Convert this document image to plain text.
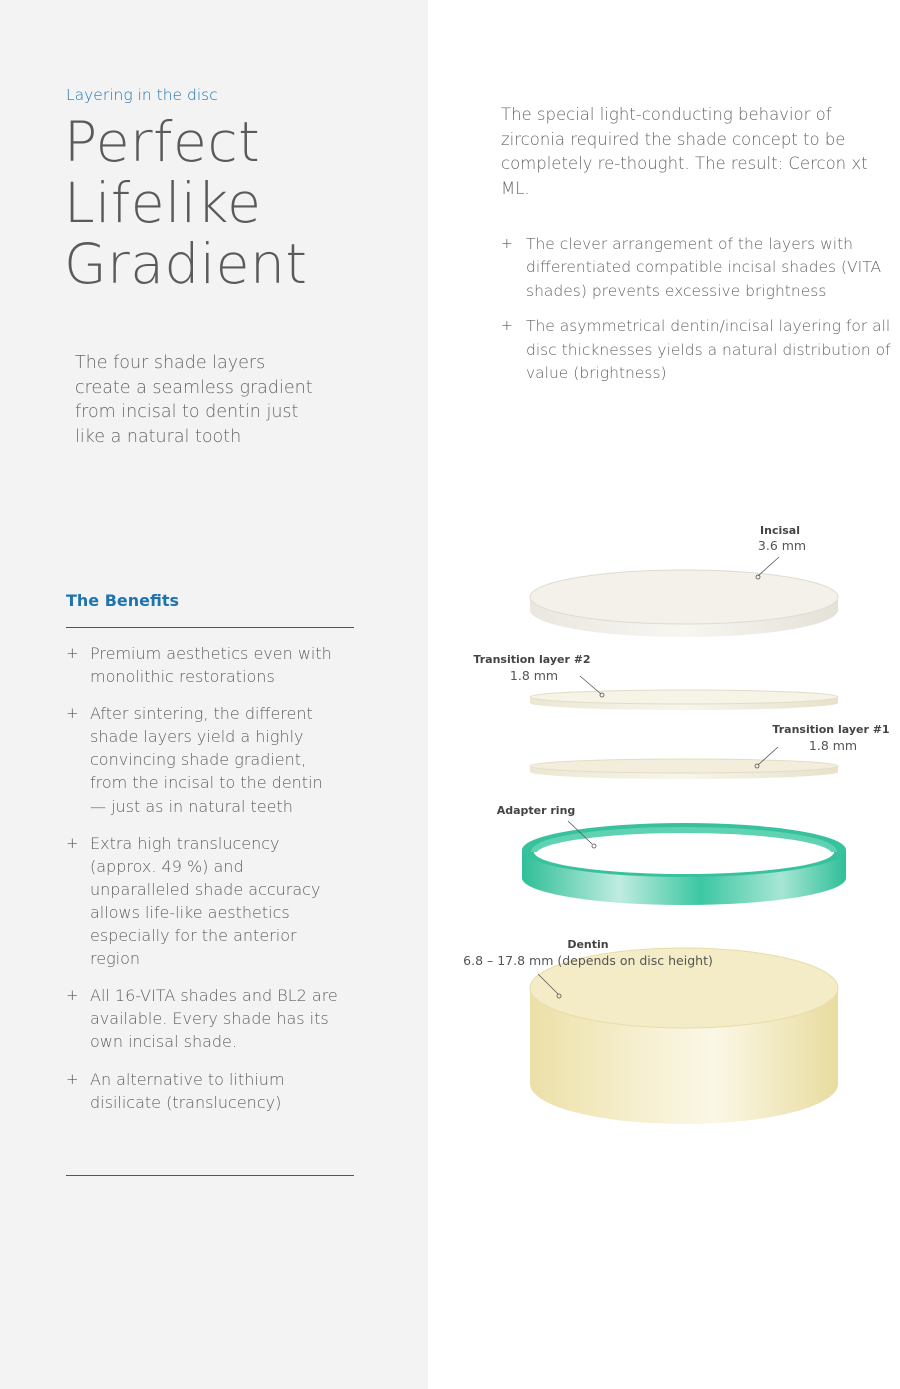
Layering in the disc
Perfect
Lifelike
Gradient

The four shade layers create a seamless gradient from incisal to dentin just like a natural tooth

The Benefits
+ Premium aesthetics even with monolithic restorations
+ After sintering, the different shade layers yield a highly convincing shade gradient, from the incisal to the dentin — just as in natural teeth
+ Extra high translucency (approx. 49 %) and unparalleled shade accuracy allows life-like aesthetics especially for the anterior region
+ All 16-VITA shades and BL2 are available. Every shade has its own incisal shade.
+ An alternative to lithium disilicate (translucency)

The special light-conducting behavior of zirconia required the shade concept to be completely re-thought. The result: Cercon xt ML.

+ The clever arrangement of the layers with differentiated compatible incisal shades (VITA shades) prevents excessive brightness
+ The asymmetrical dentin/incisal layering for all disc thicknesses yields a natural distribution of value (brightness)
Incisal
3.6 mm
Transition layer #2
1.8 mm
Transition layer #1
1.8 mm
Adapter ring
Dentin
6.8 – 17.8 mm (depends on disc height)
